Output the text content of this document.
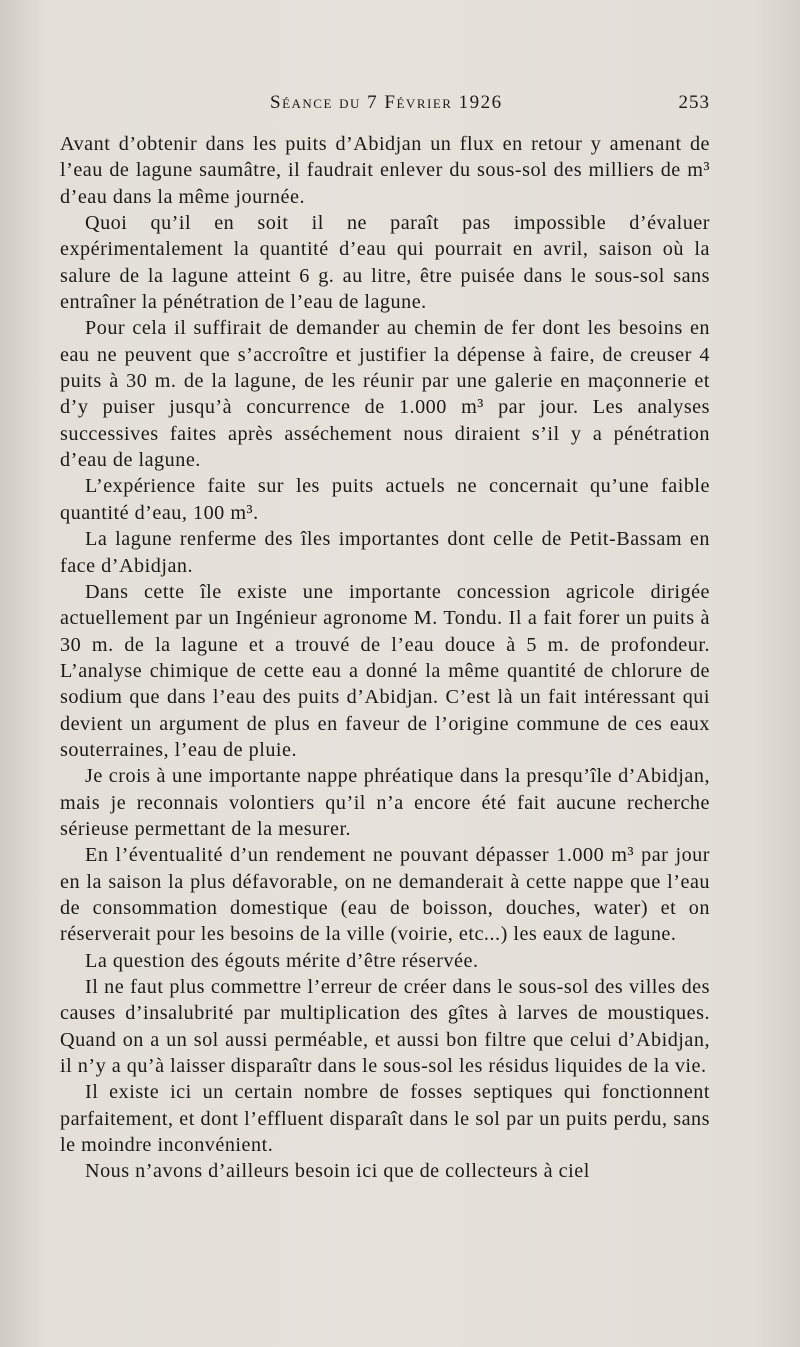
Séance du 7 Février 1926	253

Avant d’obtenir dans les puits d’Abidjan un flux en retour y amenant de l’eau de lagune saumâtre, il faudrait enlever du sous-sol des milliers de m³ d’eau dans la même journée.

Quoi qu’il en soit il ne paraît pas impossible d’évaluer expérimentalement la quantité d’eau qui pourrait en avril, saison où la salure de la lagune atteint 6 g. au litre, être puisée dans le sous-sol sans entraîner la pénétration de l’eau de lagune.

Pour cela il suffirait de demander au chemin de fer dont les besoins en eau ne peuvent que s’accroître et justifier la dépense à faire, de creuser 4 puits à 30 m. de la lagune, de les réunir par une galerie en maçonnerie et d’y puiser jusqu’à concurrence de 1.000 m³ par jour. Les analyses successives faites après asséchement nous diraient s’il y a pénétration d’eau de lagune.

L’expérience faite sur les puits actuels ne concernait qu’une faible quantité d’eau, 100 m³.

La lagune renferme des îles importantes dont celle de Petit-Bassam en face d’Abidjan.

Dans cette île existe une importante concession agricole dirigée actuellement par un Ingénieur agronome M. Tondu. Il a fait forer un puits à 30 m. de la lagune et a trouvé de l’eau douce à 5 m. de profondeur. L’analyse chimique de cette eau a donné la même quantité de chlorure de sodium que dans l’eau des puits d’Abidjan. C’est là un fait intéressant qui devient un argument de plus en faveur de l’origine commune de ces eaux souterraines, l’eau de pluie.

Je crois à une importante nappe phréatique dans la presqu’île d’Abidjan, mais je reconnais volontiers qu’il n’a encore été fait aucune recherche sérieuse permettant de la mesurer.

En l’éventualité d’un rendement ne pouvant dépasser 1.000 m³ par jour en la saison la plus défavorable, on ne demanderait à cette nappe que l’eau de consommation domestique (eau de boisson, douches, water) et on réserverait pour les besoins de la ville (voirie, etc...) les eaux de lagune.

La question des égouts mérite d’être réservée.

Il ne faut plus commettre l’erreur de créer dans le sous-sol des villes des causes d’insalubrité par multiplication des gîtes à larves de moustiques. Quand on a un sol aussi perméable, et aussi bon filtre que celui d’Abidjan, il n’y a qu’à laisser disparaîtr dans le sous-sol les résidus liquides de la vie.

Il existe ici un certain nombre de fosses septiques qui fonctionnent parfaitement, et dont l’effluent disparaît dans le sol par un puits perdu, sans le moindre inconvénient.

Nous n’avons d’ailleurs besoin ici que de collecteurs à ciel
